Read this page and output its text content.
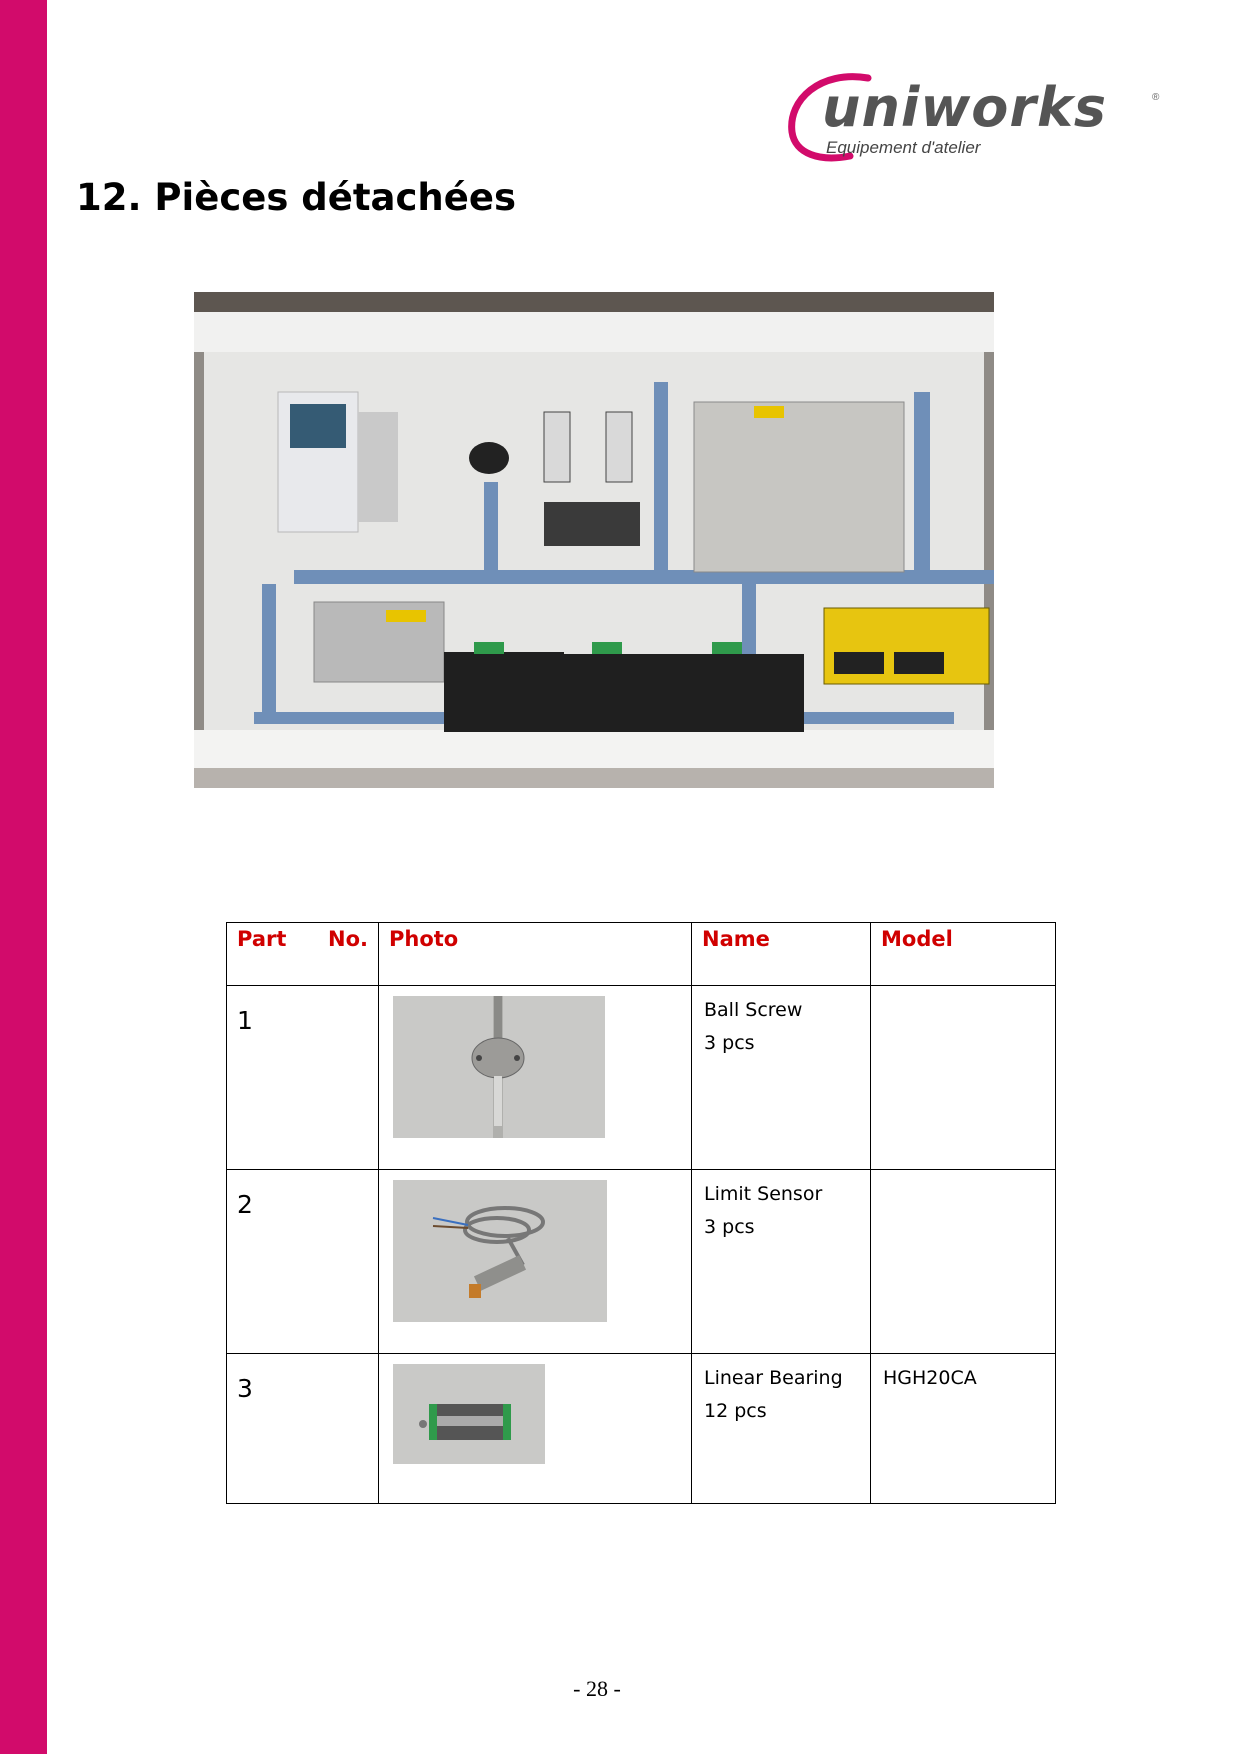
uniworks	®
Equipement d'atelier
12. Pièces détachées
Part No.	Photo	Name	Model
1		Ball Screw
3 pcs	

2		Limit Sensor
3 pcs	

3		Linear Bearing
12 pcs	HGH20CA
- 28 -
